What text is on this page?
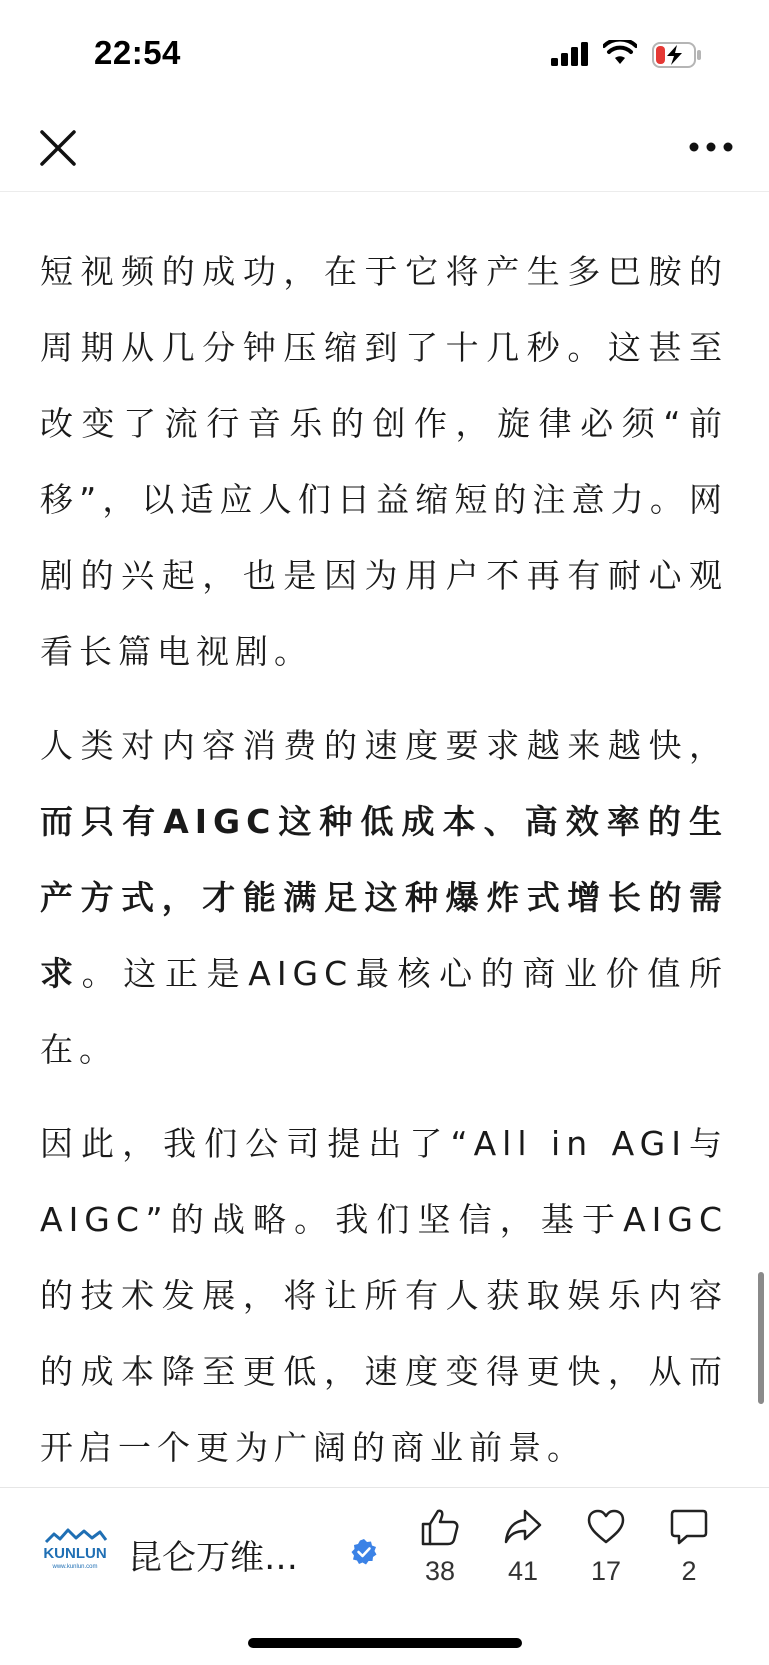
22:54

短视频的成功，在于它将产生多巴胺的周期从几分钟压缩到了十几秒。这甚至改变了流行音乐的创作，旋律必须“前移”，以适应人们日益缩短的注意力。网剧的兴起，也是因为用户不再有耐心观看长篇电视剧。

人类对内容消费的速度要求越来越快，而只有AIGC这种低成本、高效率的生产方式，才能满足这种爆炸式增长的需求。这正是AIGC最核心的商业价值所在。

因此，我们公司提出了“All in AGI与AIGC”的战略。我们坚信，基于AIGC的技术发展，将让所有人获取娱乐内容的成本降至更低，速度变得更快，从而开启一个更为广阔的商业前景。

KUNLUN
www.kunlun.com 昆仑万维…	38	41	17	2
